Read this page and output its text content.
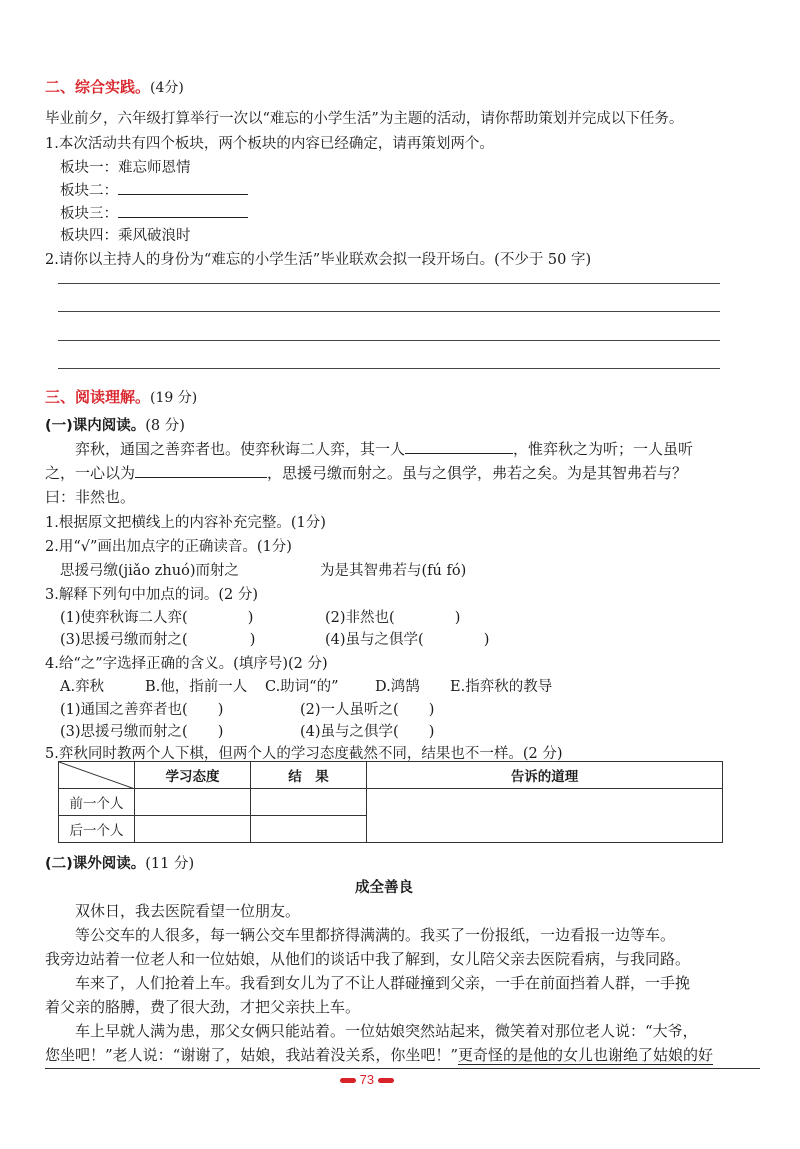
二、综合实践。(4分)
毕业前夕，六年级打算举行一次以“难忘的小学生活”为主题的活动，请你帮助策划并完成以下任务。
1.本次活动共有四个板块，两个板块的内容已经确定，请再策划两个。
板块一：难忘师恩情
板块二：
板块三：
板块四：乘风破浪时
2.请你以主持人的身份为“难忘的小学生活”毕业联欢会拟一段开场白。(不少于 50 字)
三、阅读理解。(19 分)
(一)课内阅读。(8 分)
弈秋，通国之善弈者也。使弈秋诲二人弈，其一人	，惟弈秋之为听；一人虽听
之，一心以为	，思援弓缴而射之。虽与之俱学，弗若之矣。为是其智弗若与？
曰：非然也。
1.根据原文把横线上的内容补充完整。(1分)
2.用“√”画出加点字的正确读音。(1分)
思援弓缴(jiǎo zhuó)而射之	为是其智弗若与(fú fó)
3.解释下列句中加点的词。(2 分)
(1)使弈秋诲二人弈(	)	(2)非然也(	)
(3)思援弓缴而射之(	)	(4)虽与之俱学(	)
4.给“之”字选择正确的含义。(填序号)(2 分)
A.弈秋	B.他，指前一人 C.助词“的”	D.鸿鹄 E.指弈秋的教导
(1)通国之善弈者也( )	(2)一人虽听之( )
(3)思援弓缴而射之( )	(4)虽与之俱学( )
5.弈秋同时教两个人下棋，但两个人的学习态度截然不同，结果也不一样。(2 分)
	学习态度	结　果	告诉的道理
前一个人			
后一个人			
(二)课外阅读。(11 分)
成全善良
双休日，我去医院看望一位朋友。
等公交车的人很多，每一辆公交车里都挤得满满的。我买了一份报纸，一边看报一边等车。
我旁边站着一位老人和一位姑娘，从他们的谈话中我了解到，女儿陪父亲去医院看病，与我同路。
车来了，人们抢着上车。我看到女儿为了不让人群碰撞到父亲，一手在前面挡着人群，一手挽
着父亲的胳膊，费了很大劲，才把父亲扶上车。
车上早就人满为患，那父女俩只能站着。一位姑娘突然站起来，微笑着对那位老人说：“大爷，
您坐吧！”老人说：“谢谢了，姑娘，我站着没关系，你坐吧！”更奇怪的是他的女儿也谢绝了姑娘的好
73
